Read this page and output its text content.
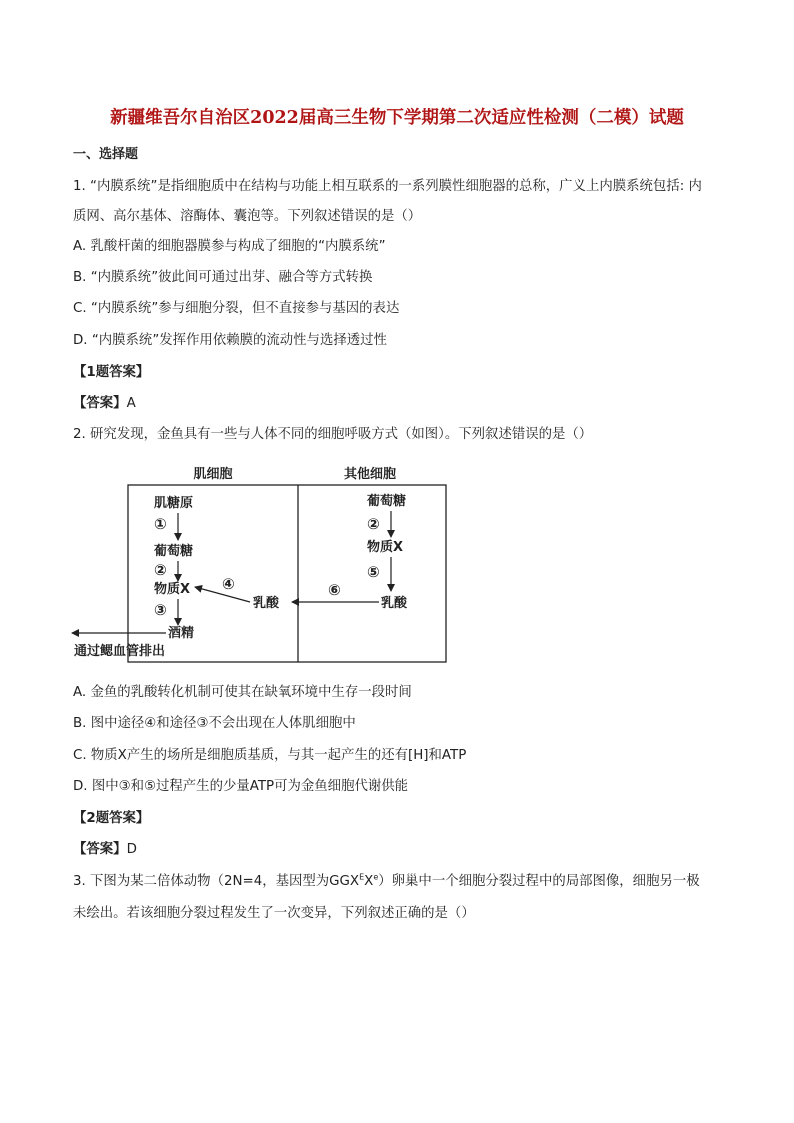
新疆维吾尔自治区2022届高三生物下学期第二次适应性检测（二模）试题
一、选择题
1. “内膜系统”是指细胞质中在结构与功能上相互联系的一系列膜性细胞器的总称，广义上内膜系统包括: 内
质网、高尔基体、溶酶体、囊泡等。下列叙述错误的是（）
A. 乳酸杆菌的细胞器膜参与构成了细胞的“内膜系统”
B. “内膜系统”彼此间可通过出芽、融合等方式转换
C. “内膜系统”参与细胞分裂，但不直接参与基因的表达
D. “内膜系统”发挥作用依赖膜的流动性与选择透过性
【1题答案】
【答案】A
2. 研究发现，金鱼具有一些与人体不同的细胞呼吸方式（如图）。下列叙述错误的是（）
肌细胞	其他细胞
肌糖原
①
葡萄糖
②
物质X
③
酒精
通过鳃血管排出
乳酸
④
葡萄糖
②
物质X
⑤
乳酸
⑥
A. 金鱼的乳酸转化机制可使其在缺氧环境中生存一段时间
B. 图中途径④和途径③不会出现在人体肌细胞中
C. 物质X产生的场所是细胞质基质，与其一起产生的还有[H]和ATP
D. 图中③和⑤过程产生的少量ATP可为金鱼细胞代谢供能
【2题答案】
【答案】D
3. 下图为某二倍体动物（2N=4，基因型为$GGX^EXe$）卵巢中一个细胞分裂过程中的局部图像，细胞另一极
未绘出。若该细胞分裂过程发生了一次变异，下列叙述正确的是（）
